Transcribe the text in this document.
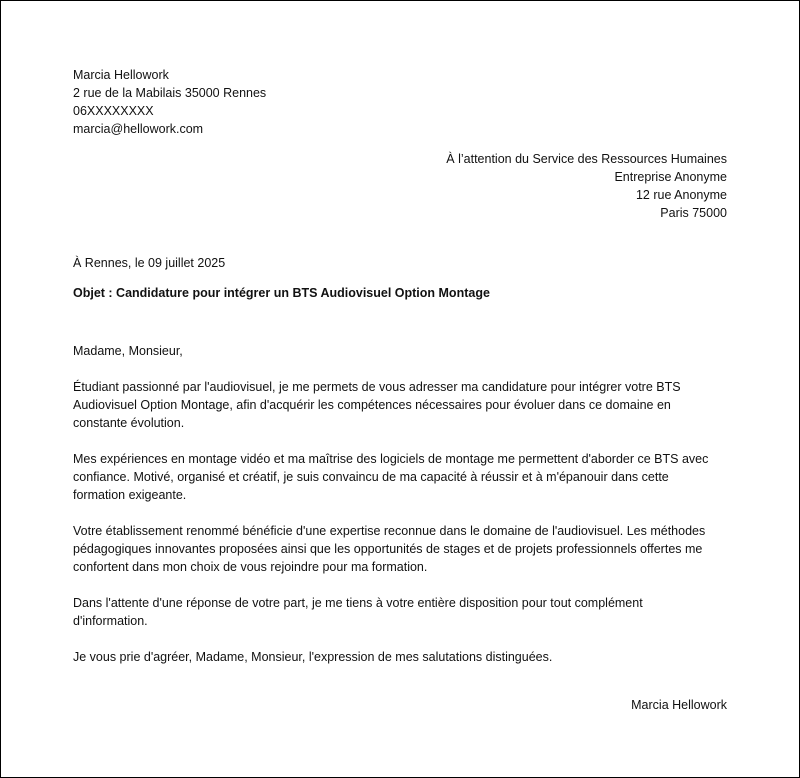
Marcia Hellowork
2 rue de la Mabilais 35000 Rennes
06XXXXXXXX
marcia@hellowork.com
À l’attention du Service des Ressources Humaines
Entreprise Anonyme
12 rue Anonyme
Paris 75000
À Rennes, le 09 juillet 2025
Objet : Candidature pour intégrer un BTS Audiovisuel Option Montage

Madame, Monsieur,

Étudiant passionné par l'audiovisuel, je me permets de vous adresser ma candidature pour intégrer votre BTS
Audiovisuel Option Montage, afin d'acquérir les compétences nécessaires pour évoluer dans ce domaine en
constante évolution.

Mes expériences en montage vidéo et ma maîtrise des logiciels de montage me permettent d'aborder ce BTS avec
confiance. Motivé, organisé et créatif, je suis convaincu de ma capacité à réussir et à m'épanouir dans cette
formation exigeante.

Votre établissement renommé bénéficie d'une expertise reconnue dans le domaine de l'audiovisuel. Les méthodes
pédagogiques innovantes proposées ainsi que les opportunités de stages et de projets professionnels offertes me
confortent dans mon choix de vous rejoindre pour ma formation.

Dans l'attente d'une réponse de votre part, je me tiens à votre entière disposition pour tout complément
d'information.

Je vous prie d'agréer, Madame, Monsieur, l'expression de mes salutations distinguées.

Marcia Hellowork
